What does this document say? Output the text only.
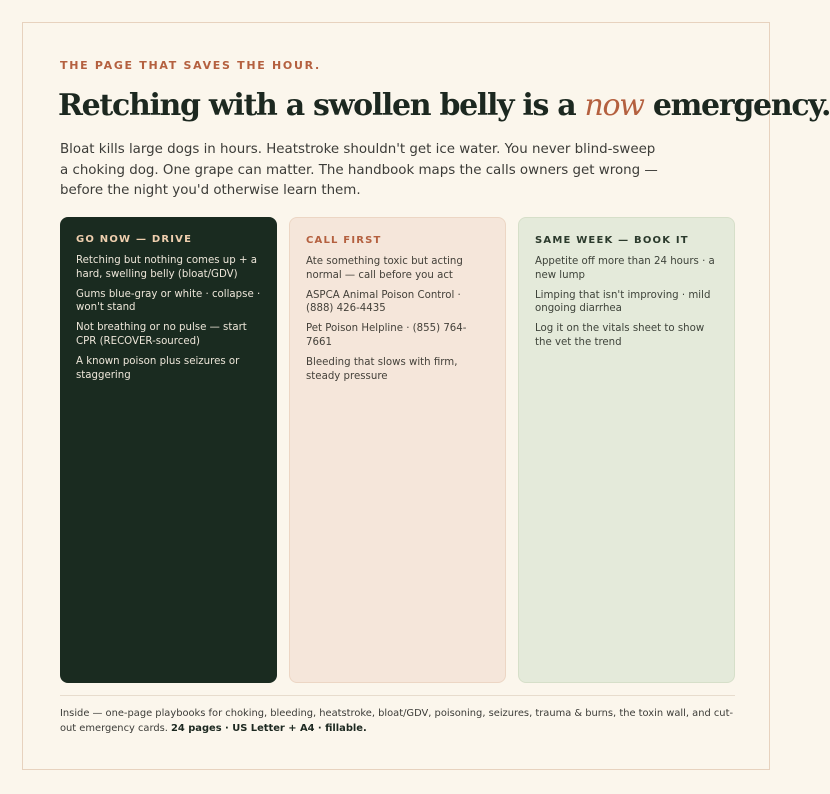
THE PAGE THAT SAVES THE HOUR.
Retching with a swollen belly is a now emergency.

Bloat kills large dogs in hours. Heatstroke shouldn't get ice water. You never blind-sweep a choking dog. One grape can matter. The handbook maps the calls owners get wrong — before the night you'd otherwise learn them.

GO NOW — DRIVE
Retching but nothing comes up + a hard, swelling belly (bloat/GDV)
Gums blue-gray or white · collapse · won't stand
Not breathing or no pulse — start CPR (RECOVER-sourced)
A known poison plus seizures or staggering
CALL FIRST
Ate something toxic but acting normal — call before you act
ASPCA Animal Poison Control · (888) 426-4435
Pet Poison Helpline · (855) 764-7661
Bleeding that slows with firm, steady pressure
SAME WEEK — BOOK IT
Appetite off more than 24 hours · a new lump
Limping that isn't improving · mild ongoing diarrhea
Log it on the vitals sheet to show the vet the trend

Inside — one-page playbooks for choking, bleeding, heatstroke, bloat/GDV, poisoning, seizures, trauma & burns, the toxin wall, and cut-out emergency cards. 24 pages · US Letter + A4 · fillable.
